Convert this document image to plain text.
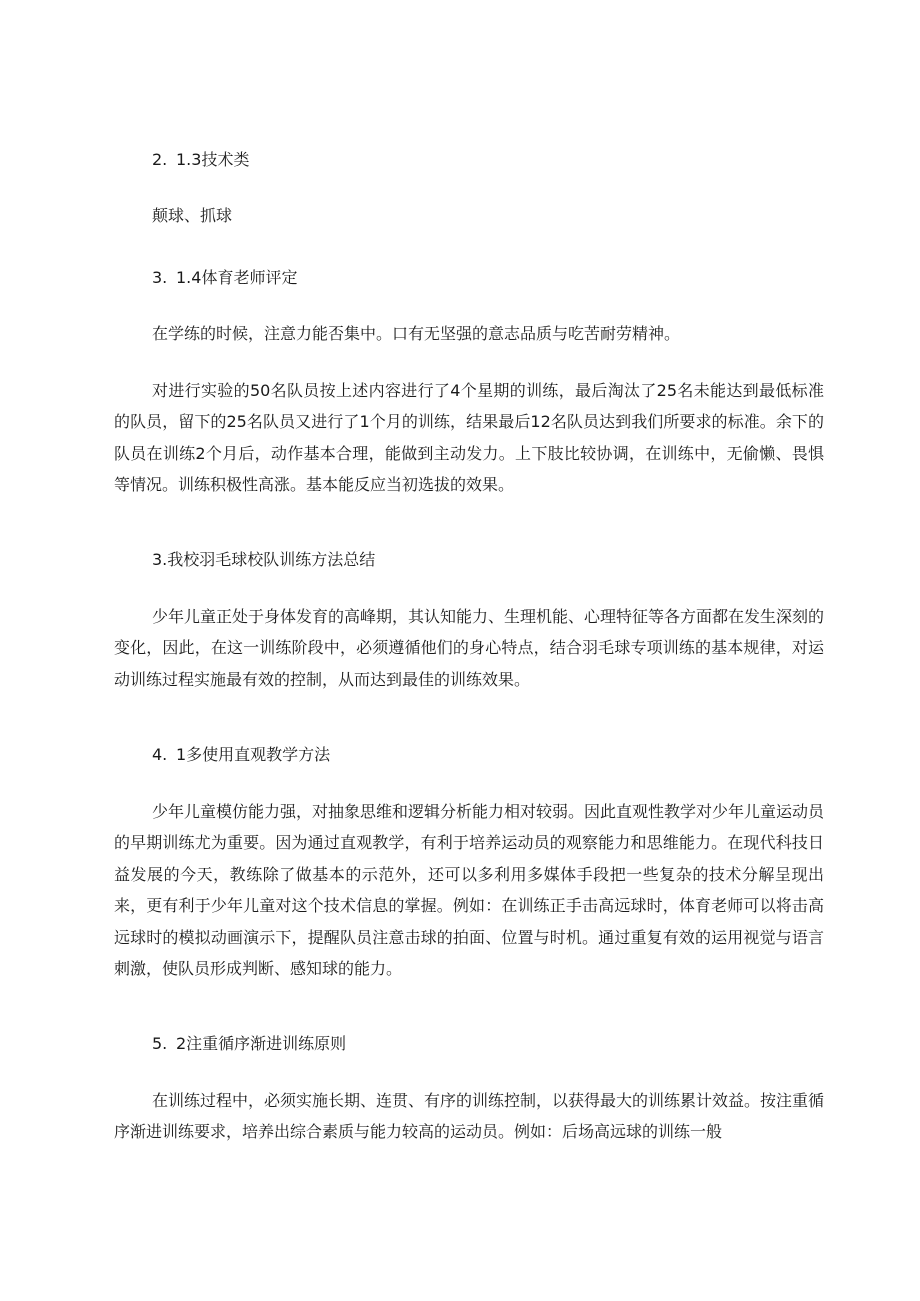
2. 1.3技术类
颠球、抓球
3. 1.4体育老师评定
在学练的时候，注意力能否集中。口有无坚强的意志品质与吃苦耐劳精神。
对进行实验的50名队员按上述内容进行了4个星期的训练，最后淘汰了25名未能达到最低标准的队员，留下的25名队员又进行了1个月的训练，结果最后12名队员达到我们所要求的标准。余下的队员在训练2个月后，动作基本合理，能做到主动发力。上下肢比较协调，在训练中，无偷懒、畏惧等情况。训练积极性高涨。基本能反应当初选拔的效果。
3.我校羽毛球校队训练方法总结
少年儿童正处于身体发育的高峰期，其认知能力、生理机能、心理特征等各方面都在发生深刻的变化，因此，在这一训练阶段中，必须遵循他们的身心特点，结合羽毛球专项训练的基本规律，对运动训练过程实施最有效的控制，从而达到最佳的训练效果。
4. 1多使用直观教学方法
少年儿童模仿能力强，对抽象思维和逻辑分析能力相对较弱。因此直观性教学对少年儿童运动员的早期训练尤为重要。因为通过直观教学，有利于培养运动员的观察能力和思维能力。在现代科技日益发展的今天，教练除了做基本的示范外，还可以多利用多媒体手段把一些复杂的技术分解呈现出来，更有利于少年儿童对这个技术信息的掌握。例如：在训练正手击高远球时，体育老师可以将击高远球时的模拟动画演示下，提醒队员注意击球的拍面、位置与时机。通过重复有效的运用视觉与语言刺激，使队员形成判断、感知球的能力。
5. 2注重循序渐进训练原则
在训练过程中，必须实施长期、连贯、有序的训练控制，以获得最大的训练累计效益。按注重循序渐进训练要求，培养出综合素质与能力较高的运动员。例如：后场高远球的训练一般
